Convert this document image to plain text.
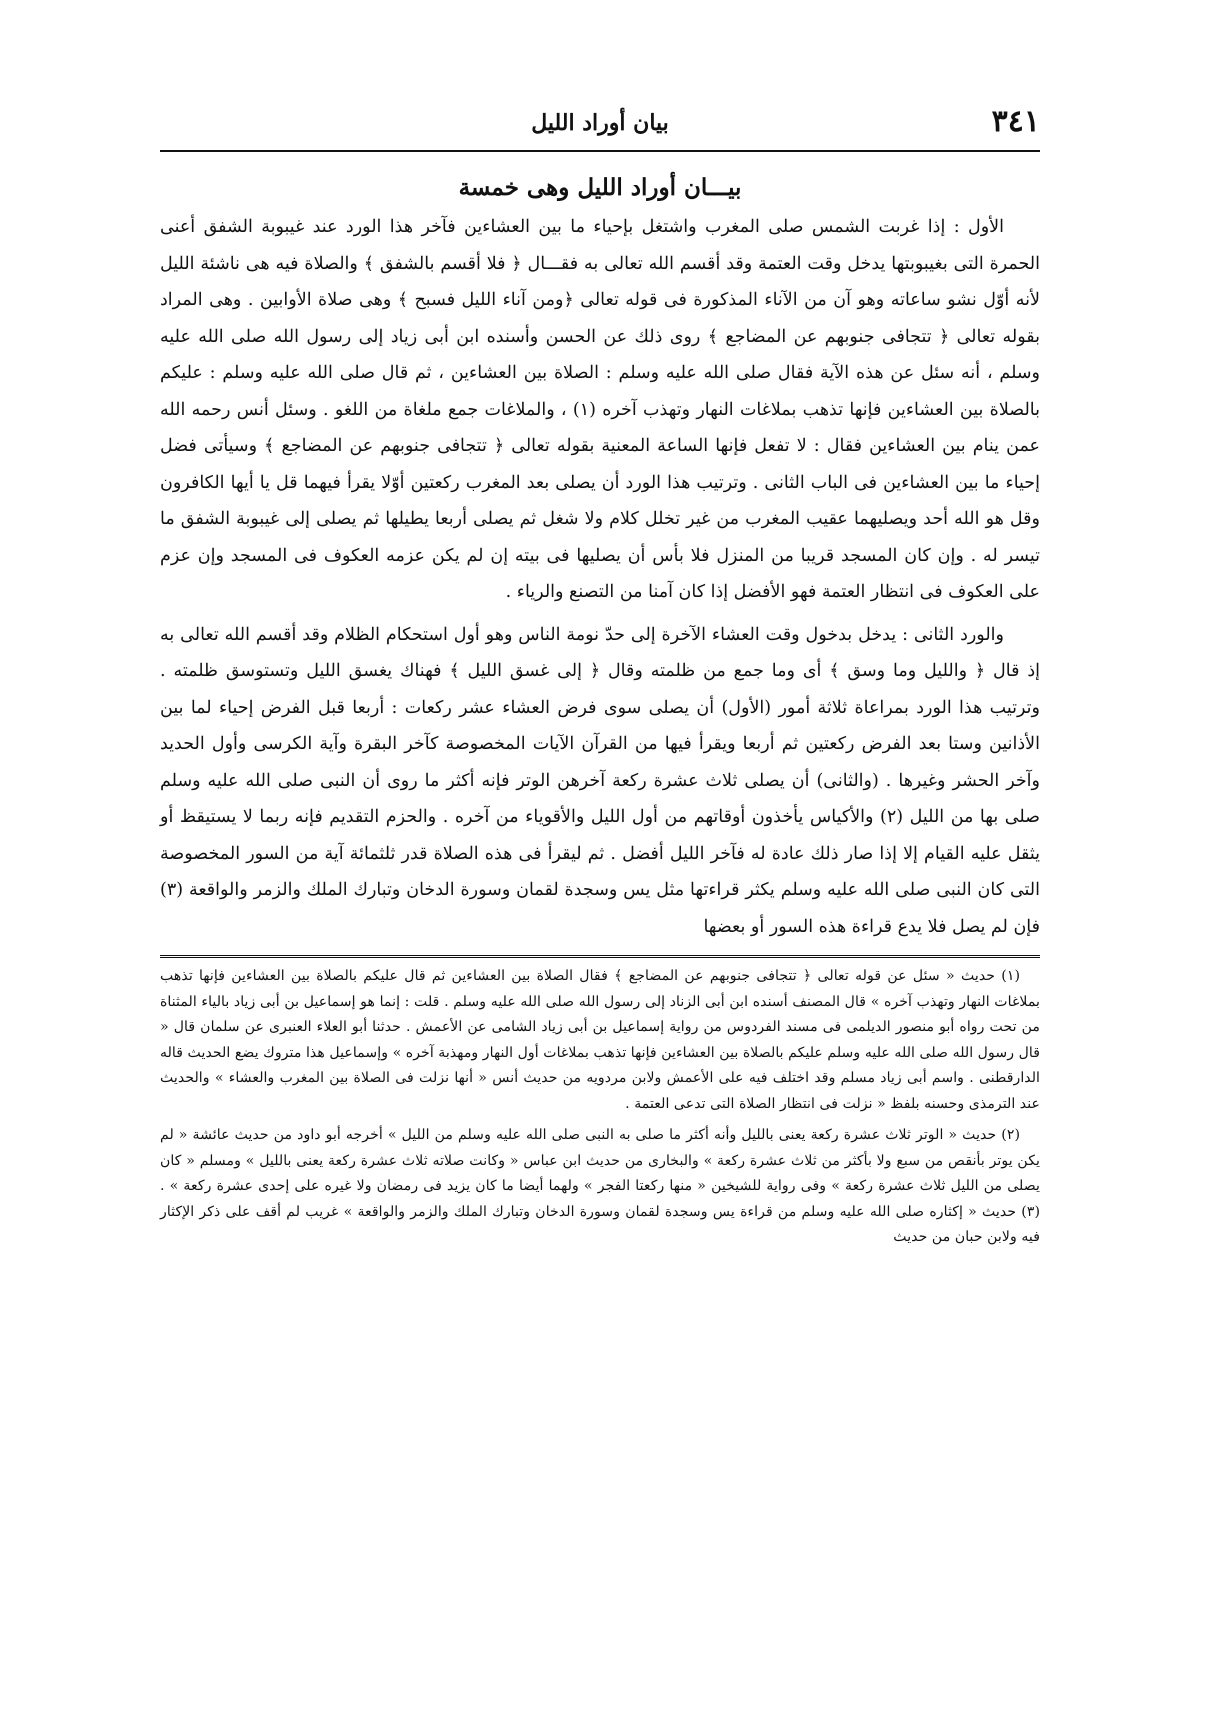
٣٤١
بيان أوراد الليل
بيـــان أوراد الليل وهى خمسة

الأول : إذا غربت الشمس صلى المغرب واشتغل بإحياء ما بين العشاءين فآخر هذا الورد عند غيبوبة الشفق أعنى الحمرة التى بغيبوبتها يدخل وقت العتمة وقد أقسم الله تعالى به فقـــال ﴿ فلا أقسم بالشفق ﴾ والصلاة فيه هى ناشئة الليل لأنه أوّل نشو ساعاته وهو آن من الآناء المذكورة فى قوله تعالى ﴿ومن آناء الليل فسبح ﴾ وهى صلاة الأوابين . وهى المراد بقوله تعالى ﴿ تتجافى جنوبهم عن المضاجع ﴾ روى ذلك عن الحسن وأسنده ابن أبى زياد إلى رسول الله صلى الله عليه وسلم ، أنه سئل عن هذه الآية فقال صلى الله عليه وسلم : الصلاة بين العشاءين ، ثم قال صلى الله عليه وسلم : عليكم بالصلاة بين العشاءين فإنها تذهب بملاغات النهار وتهذب آخره (١) ، والملاغات جمع ملغاة من اللغو . وسئل أنس رحمه الله عمن ينام بين العشاءين فقال : لا تفعل فإنها الساعة المعنية بقوله تعالى ﴿ تتجافى جنوبهم عن المضاجع ﴾ وسيأتى فضل إحياء ما بين العشاءين فى الباب الثانى . وترتيب هذا الورد أن يصلى بعد المغرب ركعتين أوّلا يقرأ فيهما قل يا أيها الكافرون وقل هو الله أحد ويصليهما عقيب المغرب من غير تخلل كلام ولا شغل ثم يصلى أربعا يطيلها ثم يصلى إلى غيبوبة الشفق ما تيسر له . وإن كان المسجد قريبا من المنزل فلا بأس أن يصليها فى بيته إن لم يكن عزمه العكوف فى المسجد وإن عزم على العكوف فى انتظار العتمة فهو الأفضل إذا كان آمنا من التصنع والرياء .

والورد الثانى : يدخل بدخول وقت العشاء الآخرة إلى حدّ نومة الناس وهو أول استحكام الظلام وقد أقسم الله تعالى به إذ قال ﴿ والليل وما وسق ﴾ أى وما جمع من ظلمته وقال ﴿ إلى غسق الليل ﴾ فهناك يغسق الليل وتستوسق ظلمته . وترتيب هذا الورد بمراعاة ثلاثة أمور (الأول) أن يصلى سوى فرض العشاء عشر ركعات : أربعا قبل الفرض إحياء لما بين الأذانين وستا بعد الفرض ركعتين ثم أربعا ويقرأ فيها من القرآن الآيات المخصوصة كآخر البقرة وآية الكرسى وأول الحديد وآخر الحشر وغيرها . (والثانى) أن يصلى ثلاث عشرة ركعة آخرهن الوتر فإنه أكثر ما روى أن النبى صلى الله عليه وسلم صلى بها من الليل (٢) والأكياس يأخذون أوقاتهم من أول الليل والأقوياء من آخره . والحزم التقديم فإنه ربما لا يستيقظ أو يثقل عليه القيام إلا إذا صار ذلك عادة له فآخر الليل أفضل . ثم ليقرأ فى هذه الصلاة قدر ثلثمائة آية من السور المخصوصة التى كان النبى صلى الله عليه وسلم يكثر قراءتها مثل يس وسجدة لقمان وسورة الدخان وتبارك الملك والزمر والواقعة (٣) فإن لم يصل فلا يدع قراءة هذه السور أو بعضها

(١) حديث « سئل عن قوله تعالى ﴿ تتجافى جنوبهم عن المضاجع ﴾ فقال الصلاة بين العشاءين ثم قال عليكم بالصلاة بين العشاءين فإنها تذهب بملاغات النهار وتهذب آخره » قال المصنف أسنده ابن أبى الزناد إلى رسول الله صلى الله عليه وسلم . قلت : إنما هو إسماعيل بن أبى زياد بالياء المثناة من تحت رواه أبو منصور الديلمى فى مسند الفردوس من رواية إسماعيل بن أبى زياد الشامى عن الأعمش . حدثنا أبو العلاء العنبرى عن سلمان قال « قال رسول الله صلى الله عليه وسلم عليكم بالصلاة بين العشاءين فإنها تذهب بملاغات أول النهار ومهذبة آخره » وإسماعيل هذا متروك يضع الحديث قاله الدارقطنى . واسم أبى زياد مسلم وقد اختلف فيه على الأعمش ولابن مردويه من حديث أنس « أنها نزلت فى الصلاة بين المغرب والعشاء » والحديث عند الترمذى وحسنه بلفظ « نزلت فى انتظار الصلاة التى تدعى العتمة .

(٢) حديث « الوتر ثلاث عشرة ركعة يعنى بالليل وأنه أكثر ما صلى به النبى صلى الله عليه وسلم من الليل » أخرجه أبو داود من حديث عائشة « لم يكن يوتر بأنقص من سبع ولا بأكثر من ثلاث عشرة ركعة » والبخارى من حديث ابن عباس « وكانت صلاته ثلاث عشرة ركعة يعنى بالليل » ومسلم « كان يصلى من الليل ثلاث عشرة ركعة » وفى رواية للشيخين « منها ركعتا الفجر » ولهما أيضا ما كان يزيد فى رمضان ولا غيره على إحدى عشرة ركعة » . (٣) حديث « إكثاره صلى الله عليه وسلم من قراءة يس وسجدة لقمان وسورة الدخان وتبارك الملك والزمر والواقعة » غريب لم أقف على ذكر الإكثار فيه ولابن حبان من حديث
